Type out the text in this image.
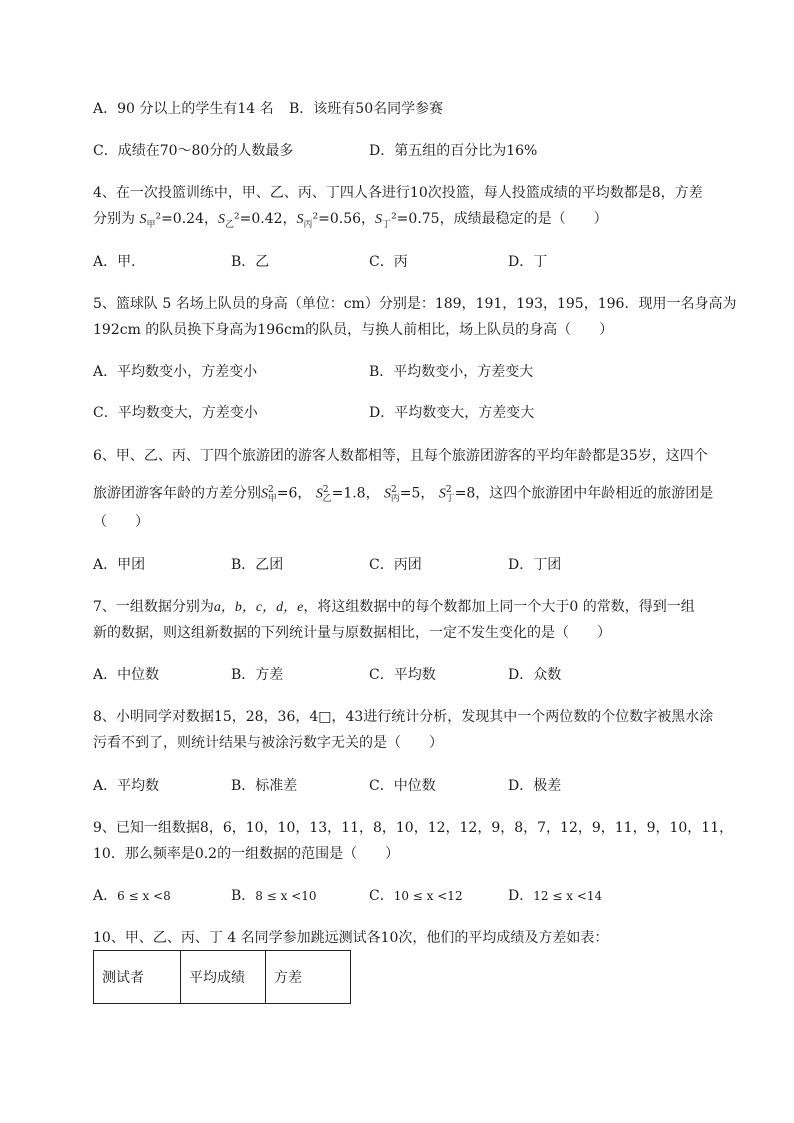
A．90 分以上的学生有14 名 B．该班有50名同学参赛
C．成绩在70～80分的人数最多	D．第五组的百分比为16%
4、在一次投篮训练中，甲、乙、丙、丁四人各进行10次投篮，每人投篮成绩的平均数都是8，方差
分别为 $S_甲^2=0.24$，$S_乙^2=0.42$，$S_丙^2=0.56$，$S_丁^2=0.75$，成绩最稳定的是（　　）
A．甲．	B．乙	C．丙	D．丁
5、篮球队 5 名场上队员的身高（单位：cm）分别是：189，191，193，195，196．现用一名身高为
192cm 的队员换下身高为196cm的队员，与换人前相比，场上队员的身高（　　）
A．平均数变小，方差变小	B．平均数变小，方差变大
C．平均数变大，方差变小	D．平均数变大，方差变大
6、甲、乙、丙、丁四个旅游团的游客人数都相等，且每个旅游团游客的平均年龄都是35岁，这四个
旅游团游客年龄的方差分别$S^2_甲=6$， $S^2_乙=1.8$， $S^2_丙=5$， $S^2_丁=8$，这四个旅游团中年龄相近的旅游团是
（　　）
A．甲团	B．乙团	C．丙团	D．丁团
7、一组数据分别为a，b，c，d，e，将这组数据中的每个数都加上同一个大于0 的常数，得到一组
新的数据，则这组新数据的下列统计量与原数据相比，一定不发生变化的是（　　）
A．中位数	B．方差	C．平均数	D．众数
8、小明同学对数据15，28，36，4□，43进行统计分析，发现其中一个两位数的个位数字被黑水涂
污看不到了，则统计结果与被涂污数字无关的是（　　）
A．平均数	B．标准差	C．中位数	D．极差
9、已知一组数据8，6，10，10，13，11，8，10，12，12，9，8，7，12，9，11，9，10，11，
10．那么频率是0.2的一组数据的范围是（　　）
A．6 ≤ x <8	B．8 ≤ x <10	C．10 ≤ x <12	D．12 ≤ x <14
10、甲、乙、丙、丁 4 名同学参加跳远测试各10次，他们的平均成绩及方差如表：
测试者	平均成绩	方差
